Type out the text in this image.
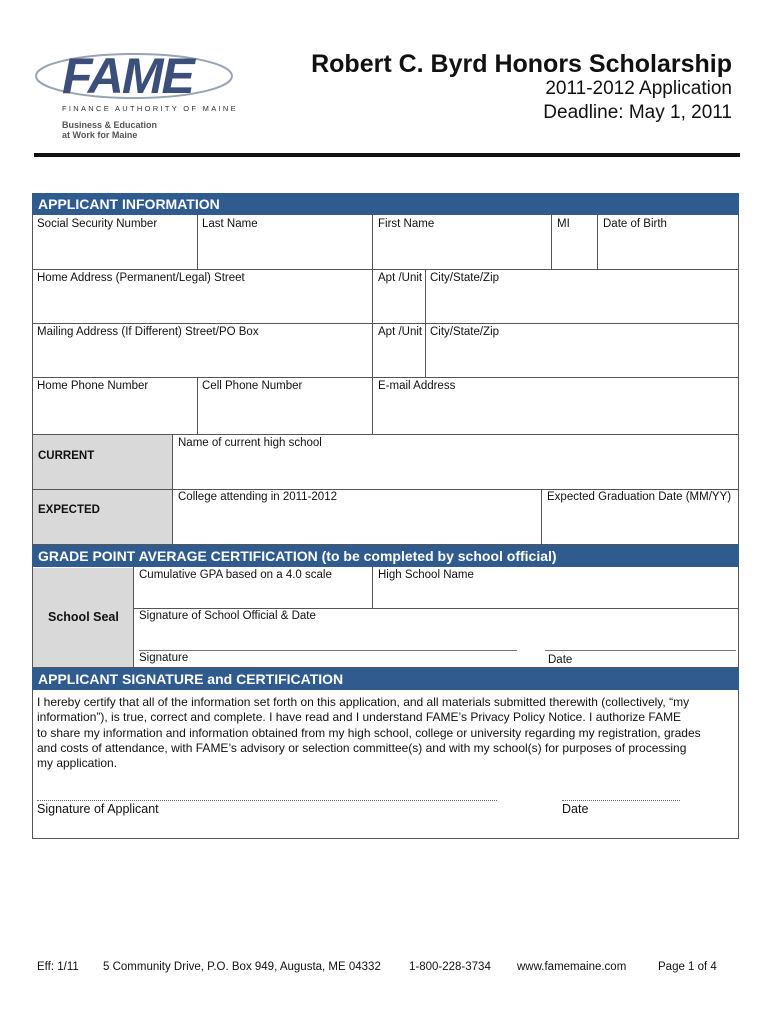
FAME
FINANCE AUTHORITY OF MAINE
Business & Education
at Work for Maine
Robert C. Byrd Honors Scholarship
2011-2012 Application
Deadline: May 1, 2011
APPLICANT INFORMATION
Social Security Number	Last Name	First Name	MI	Date of Birth
Home Address (Permanent/Legal) Street	Apt /Unit City/State/Zip
Mailing Address (If Different) Street/PO Box	Apt /Unit City/State/Zip
Home Phone Number	Cell Phone Number	E-mail Address
CURRENT
Name of current high school
EXPECTED
College attending in 2011-2012	Expected Graduation Date (MM/YY)
GRADE POINT AVERAGE CERTIFICATION (to be completed by school official)
School Seal
Cumulative GPA based on a 4.0 scale	High School Name
Signature of School Official & Date
Signature	Date
APPLICANT SIGNATURE and CERTIFICATION
I hereby certify that all of the information set forth on this application, and all materials submitted therewith (collectively, “my
information”), is true, correct and complete. I have read and I understand FAME’s Privacy Policy Notice. I authorize FAME
to share my information and information obtained from my high school, college or university regarding my registration, grades
and costs of attendance, with FAME’s advisory or selection committee(s) and with my school(s) for purposes of processing
my application.
Signature of Applicant	Date
Eff: 1/11 5 Community Drive, P.O. Box 949, Augusta, ME 04332 1-800-228-3734 www.famemaine.com	Page 1 of 4
